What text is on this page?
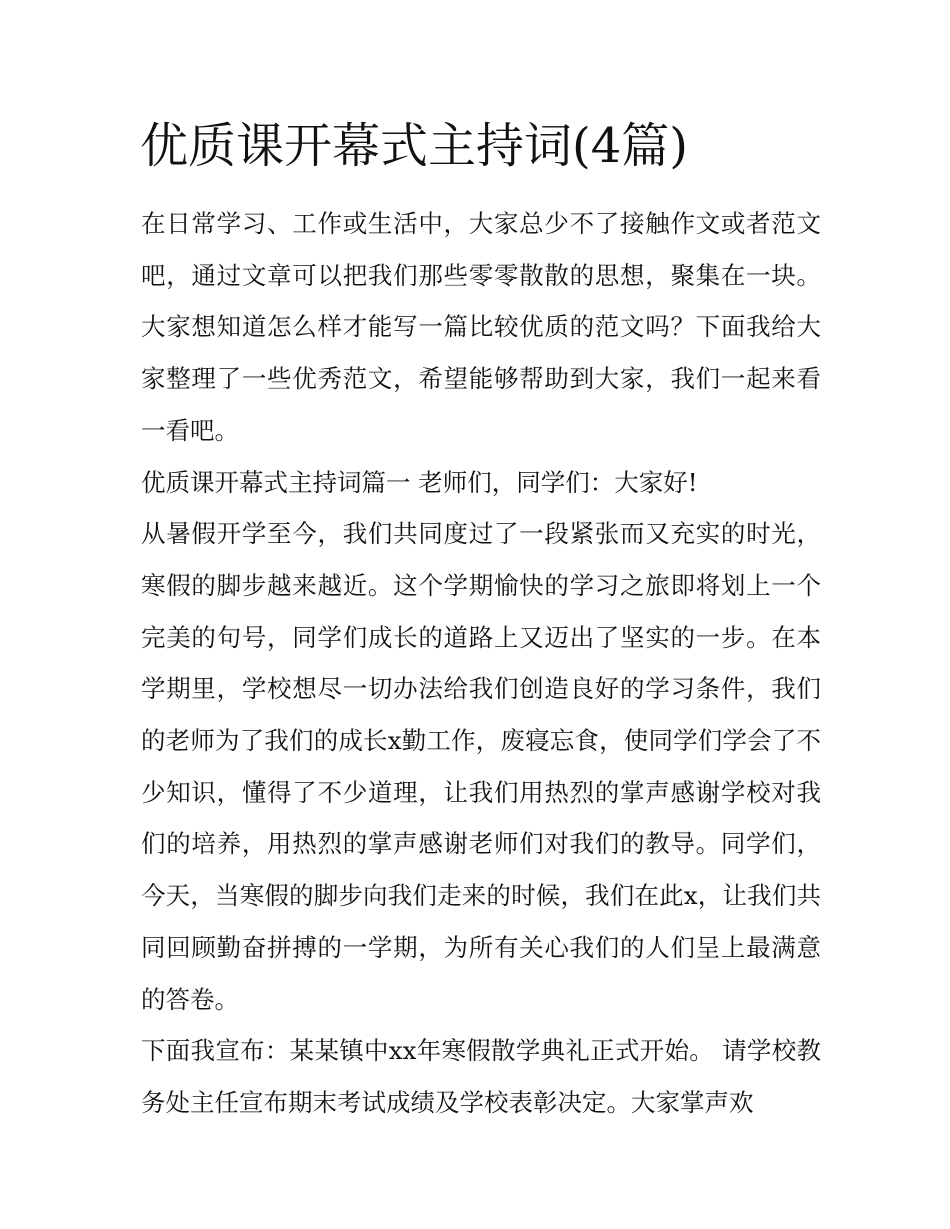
优质课开幕式主持词(4篇)

在日常学习、工作或生活中，大家总少不了接触作文或者范文吧，通过文章可以把我们那些零零散散的思想，聚集在一块。大家想知道怎么样才能写一篇比较优质的范文吗？下面我给大家整理了一些优秀范文，希望能够帮助到大家，我们一起来看一看吧。

优质课开幕式主持词篇一 老师们，同学们：大家好!

从暑假开学至今，我们共同度过了一段紧张而又充实的时光，寒假的脚步越来越近。这个学期愉快的学习之旅即将划上一个完美的句号，同学们成长的道路上又迈出了坚实的一步。在本学期里，学校想尽一切办法给我们创造良好的学习条件，我们的老师为了我们的成长x勤工作，废寝忘食，使同学们学会了不少知识，懂得了不少道理，让我们用热烈的掌声感谢学校对我们的培养，用热烈的掌声感谢老师们对我们的教导。同学们，今天，当寒假的脚步向我们走来的时候，我们在此x，让我们共同回顾勤奋拼搏的一学期，为所有关心我们的人们呈上最满意的答卷。

下面我宣布：某某镇中xx年寒假散学典礼正式开始。 请学校教务处主任宣布期末考试成绩及学校表彰决定。大家掌声欢
